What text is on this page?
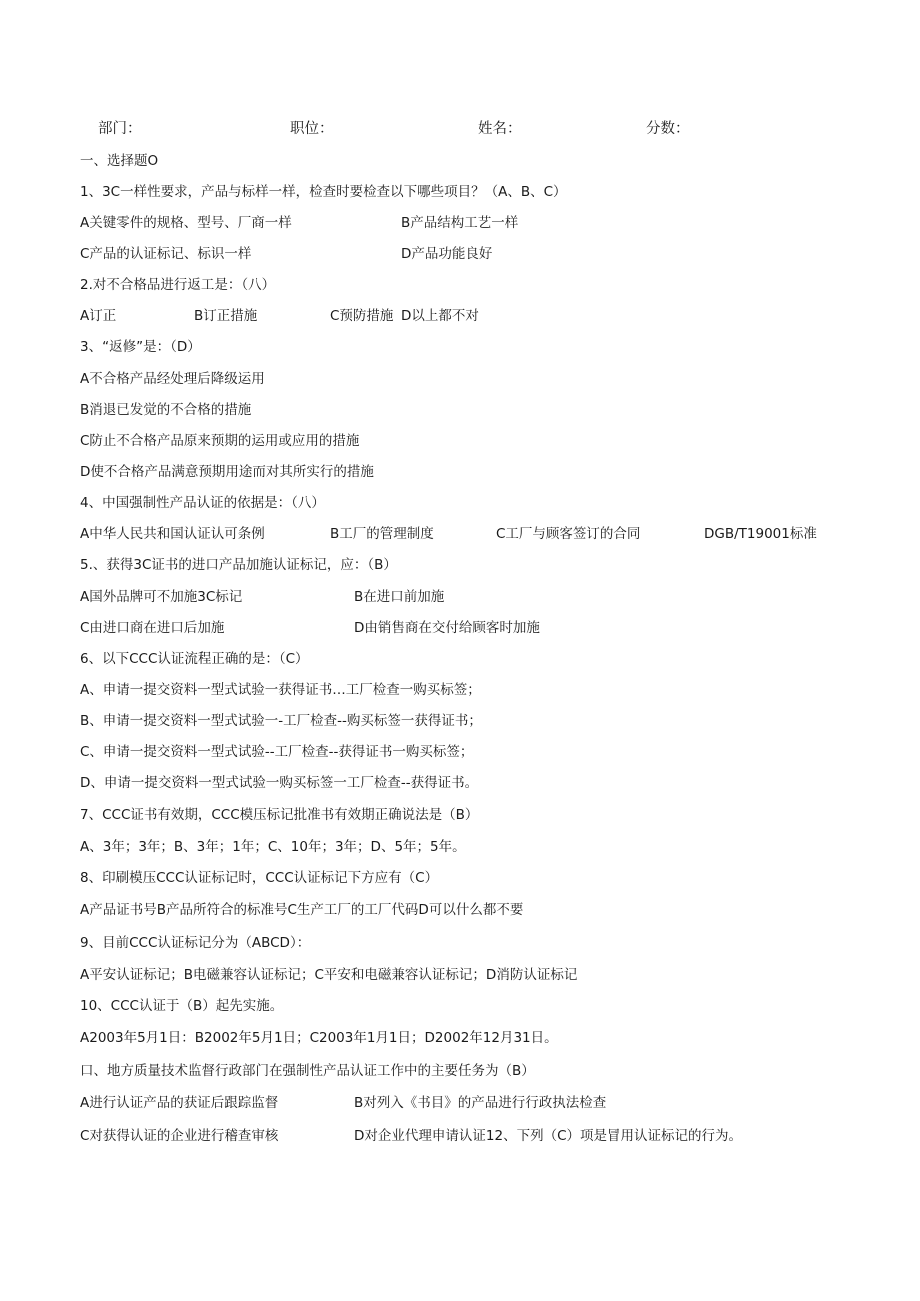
部门：	职位：	姓名：	分数：
一、选择题O
1、3C一样性要求，产品与标样一样，检查时要检查以下哪些项目？（A、B、C）
A关键零件的规格、型号、厂商一样	B产品结构工艺一样
C产品的认证标记、标识一样	D产品功能良好
2.对不合格品进行返工是：（八）
A订正	B订正措施	C预防措施 D以上都不对
3、“返修”是：（D）
A不合格产品经处理后降级运用
B消退已发觉的不合格的措施
C防止不合格产品原来预期的运用或应用的措施
D使不合格产品满意预期用途而对其所实行的措施
4、中国强制性产品认证的依据是：（八）
A中华人民共和国认证认可条例	B工厂的管理制度	C工厂与顾客签订的合同	DGB/T19001标准
5.、获得3C证书的进口产品加施认证标记，应：（B）
A国外品牌可不加施3C标记	B在进口前加施
C由进口商在进口后加施	D由销售商在交付给顾客时加施
6、以下CCC认证流程正确的是：（C）
A、申请一提交资料一型式试验一获得证书…工厂检查一购买标签；
B、申请一提交资料一型式试验一-工厂检查--购买标签一获得证书；
C、申请一提交资料一型式试验--工厂检查--获得证书一购买标签；
D、申请一提交资料一型式试验一购买标签一工厂检查--获得证书。
7、CCC证书有效期，CCC模压标记批准书有效期正确说法是（B）
A、3年；3年；B、3年；1年；C、10年；3年；D、5年；5年。
8、印刷模压CCC认证标记时，CCC认证标记下方应有（C）
A产品证书号B产品所符合的标准号C生产工厂的工厂代码D可以什么都不要
9、目前CCC认证标记分为（ABCD）：
A平安认证标记；B电磁兼容认证标记；C平安和电磁兼容认证标记；D消防认证标记
10、CCC认证于（B）起先实施。
A2003年5月1日：B2002年5月1日；C2003年1月1日；D2002年12月31日。
口、地方质量技术监督行政部门在强制性产品认证工作中的主要任务为（B）
A进行认证产品的获证后跟踪监督	B对列入《书目》的产品进行行政执法检查
C对获得认证的企业进行稽查审核	D对企业代理申请认证12、下列（C）项是冒用认证标记的行为。
